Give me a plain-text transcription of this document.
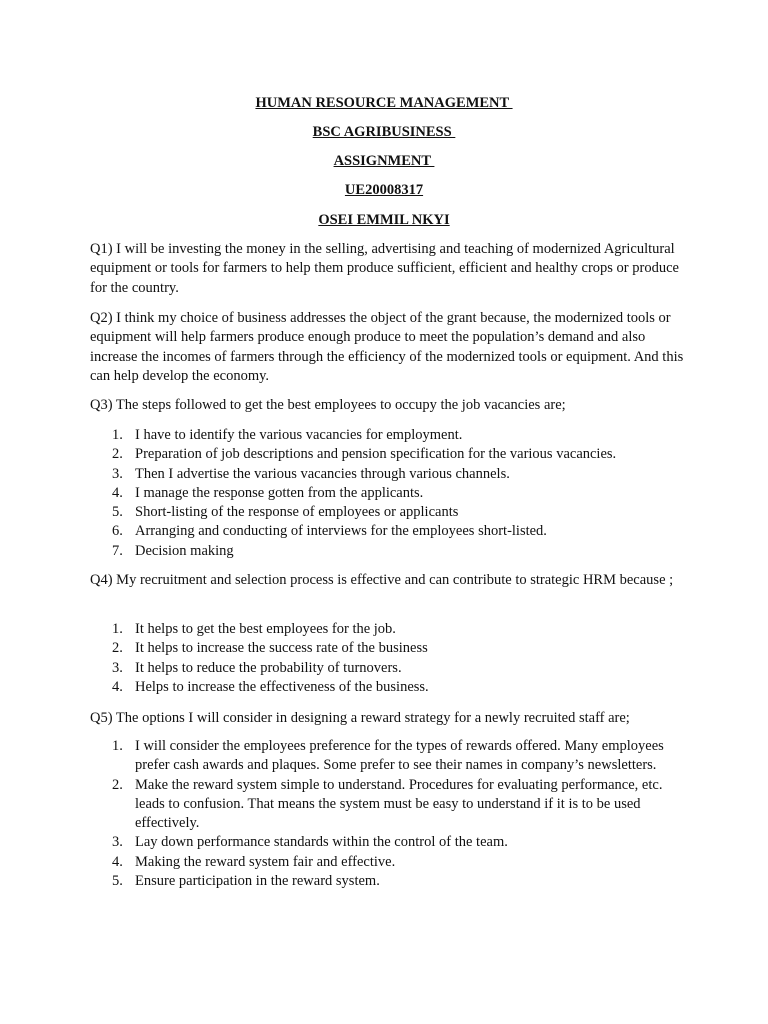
HUMAN RESOURCE MANAGEMENT
BSC AGRIBUSINESS
ASSIGNMENT
UE20008317
OSEI EMMIL NKYI

Q1) I will be investing the money in the selling, advertising and teaching of modernized Agricultural equipment or tools for farmers to help them produce sufficient, efficient and healthy crops or produce for the country.

Q2) I think my choice of business addresses the object of the grant because, the modernized tools or equipment will help farmers produce enough produce to meet the population’s demand and also increase the incomes of farmers through the efficiency of the modernized tools or equipment. And this can help develop the economy.

Q3) The steps followed to get the best employees to occupy the job vacancies are;

1. I have to identify the various vacancies for employment.
2. Preparation of job descriptions and pension specification for the various vacancies.
3. Then I advertise the various vacancies through various channels.
4. I manage the response gotten from the applicants.
5. Short-listing of the response of employees or applicants
6. Arranging and conducting of interviews for the employees short-listed.
7. Decision making

Q4) My recruitment and selection process is effective and can contribute to strategic HRM because ;

1. It helps to get the best employees for the job.
2. It helps to increase the success rate of the business
3. It helps to reduce the probability of turnovers.
4. Helps to increase the effectiveness of the business.

Q5) The options I will consider in designing a reward strategy for a newly recruited staff are;

1. I will consider the employees preference for the types of rewards offered. Many employees prefer cash awards and plaques. Some prefer to see their names in company’s newsletters.
2. Make the reward system simple to understand. Procedures for evaluating performance, etc. leads to confusion. That means the system must be easy to understand if it is to be used effectively.
3. Lay down performance standards within the control of the team.
4. Making the reward system fair and effective.
5. Ensure participation in the reward system.
